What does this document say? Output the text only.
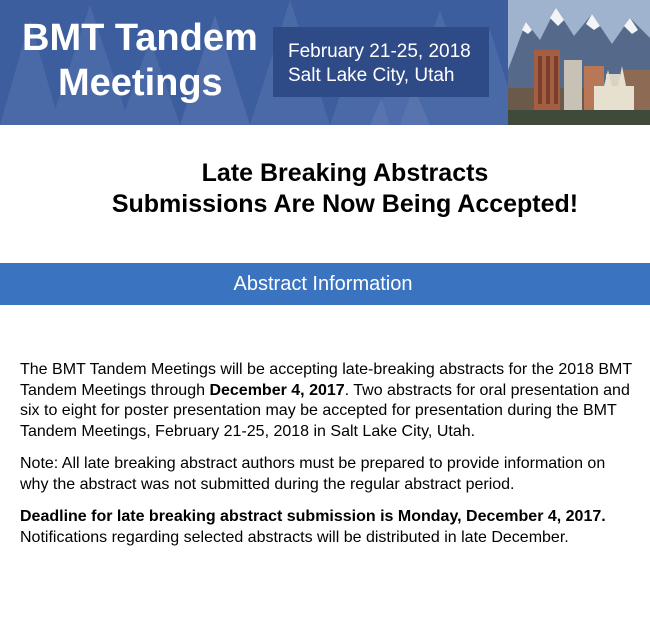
BMT Tandem
Meetings
February 21-25, 2018
Salt Lake City, Utah
Late Breaking Abstracts
Submissions Are Now Being Accepted!
Abstract Information

The BMT Tandem Meetings will be accepting late-breaking abstracts for the 2018 BMT Tandem Meetings through December 4, 2017. Two abstracts for oral presentation and six to eight for poster presentation may be accepted for presentation during the BMT Tandem Meetings, February 21-25, 2018 in Salt Lake City, Utah.

Note: All late breaking abstract authors must be prepared to provide information on why the abstract was not submitted during the regular abstract period.

Deadline for late breaking abstract submission is Monday, December 4, 2017. Notifications regarding selected abstracts will be distributed in late December.
